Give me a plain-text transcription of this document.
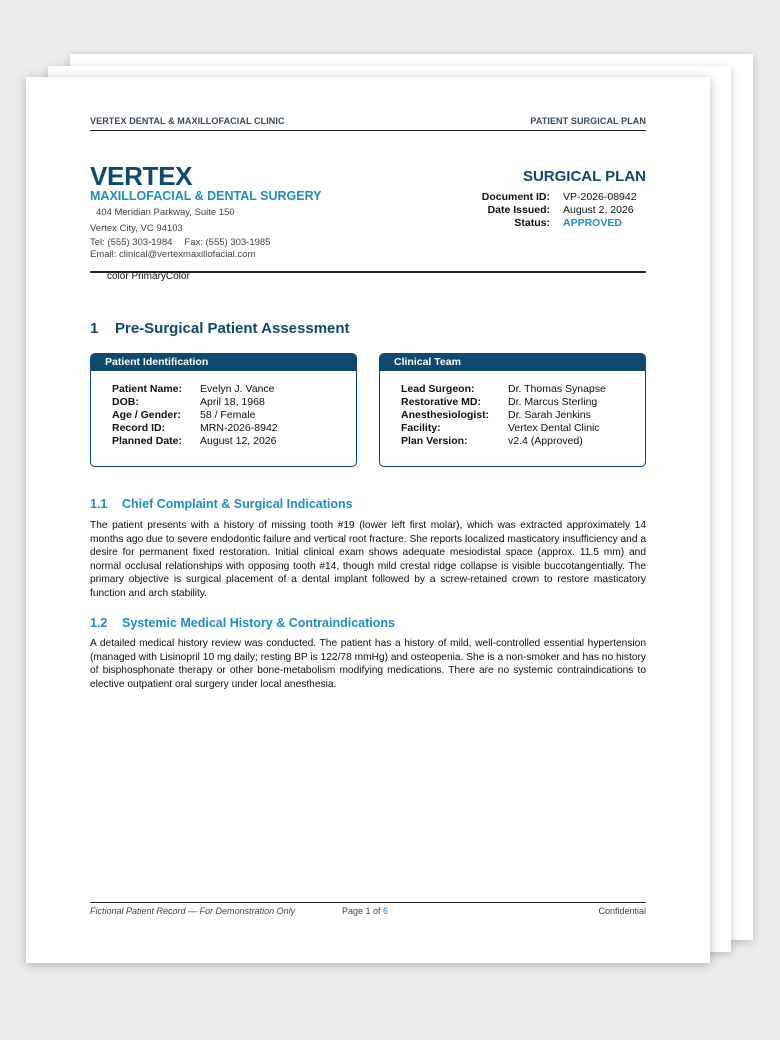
VERTEX DENTAL & MAXILLOFACIAL CLINIC	PATIENT SURGICAL PLAN
VERTEX
MAXILLOFACIAL & DENTAL SURGERY
404 Meridian Parkway, Suite 150
Vertex City, VC 94103
Tel: (555) 303-1984 Fax: (555) 303-1985
Email: clinical@vertexmaxillofacial.com
SURGICAL PLAN
Document ID: VP-2026-08942
Date Issued: August 2, 2026
Status: APPROVED
color PrimaryColor
1 Pre-Surgical Patient Assessment
Patient Identification
Patient Name: Evelyn J. Vance
DOB:	April 18, 1968
Age / Gender: 58 / Female
Record ID:	MRN-2026-8942
Planned Date: August 12, 2026
Clinical Team
Lead Surgeon:	Dr. Thomas Synapse
Restorative MD:	Dr. Marcus Sterling
Anesthesiologist: Dr. Sarah Jenkins
Facility:	Vertex Dental Clinic
Plan Version:	v2.4 (Approved)
1.1 Chief Complaint & Surgical Indications
The patient presents with a history of missing tooth #19 (lower left first molar), which was extracted approximately 14 months ago due to severe endodontic failure and vertical root fracture. She reports localized masticatory insufficiency and a desire for permanent fixed restoration. Initial clinical exam shows adequate mesiodistal space (approx. 11.5 mm) and normal occlusal relationships with opposing tooth #14, though mild crestal ridge collapse is visible buccotangentially. The primary objective is surgical placement of a dental implant followed by a screw-retained crown to restore masticatory function and arch stability.
1.2 Systemic Medical History & Contraindications
A detailed medical history review was conducted. The patient has a history of mild, well-controlled essential hypertension (managed with Lisinopril 10 mg daily; resting BP is 122/78 mmHg) and osteopenia. She is a non-smoker and has no history of bisphosphonate therapy or other bone-metabolism modifying medications. There are no systemic contraindications to elective outpatient oral surgery under local anesthesia.
Fictional Patient Record — For Demonstration Only	Page 1 of 6	Confidential
